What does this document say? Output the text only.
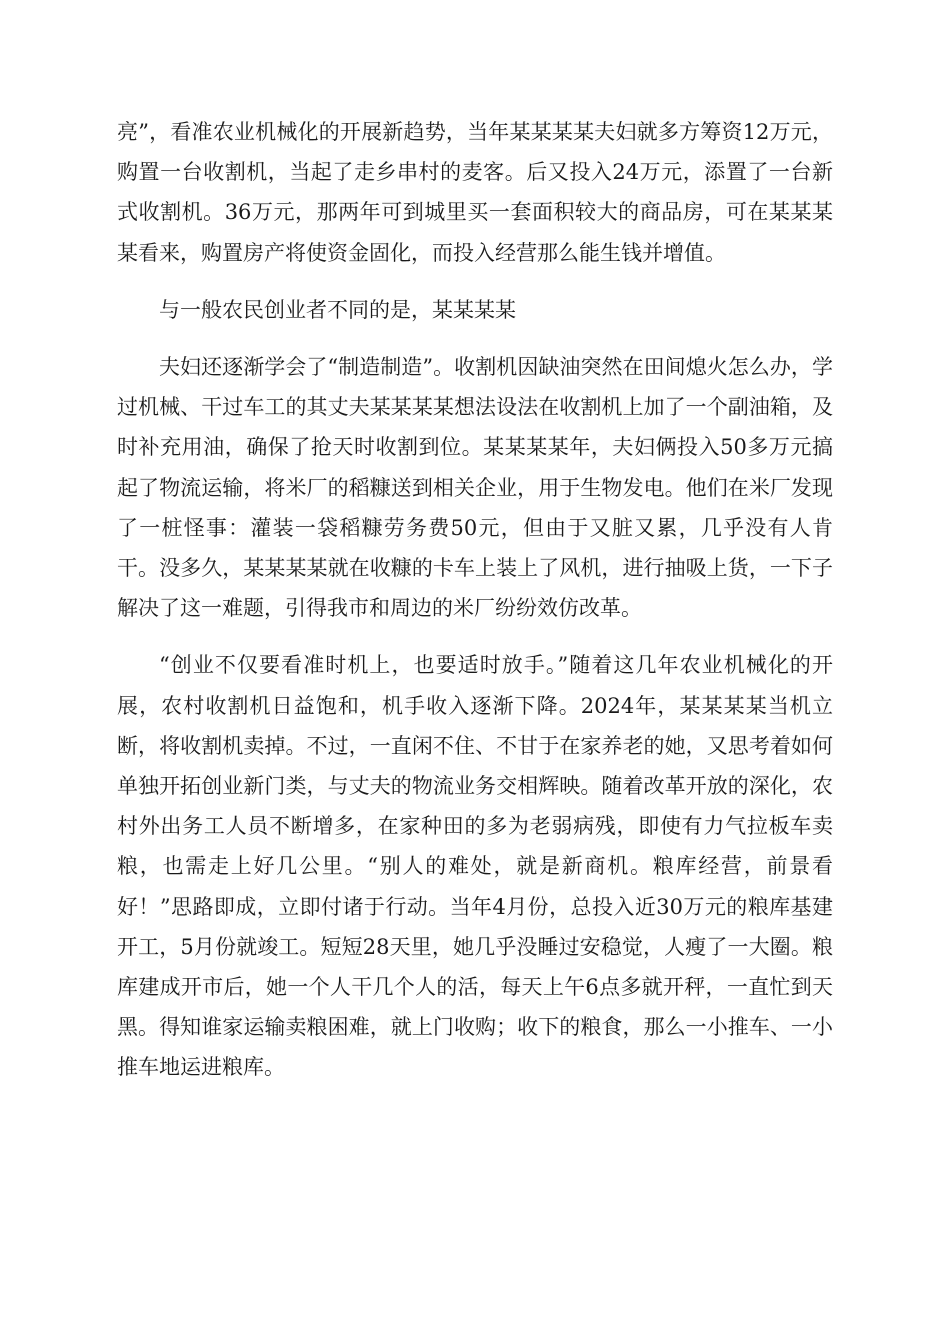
亮”，看准农业机械化的开展新趋势，当年某某某某夫妇就多方筹资12万元，购置一台收割机，当起了走乡串村的麦客。后又投入24万元，添置了一台新式收割机。36万元，那两年可到城里买一套面积较大的商品房，可在某某某某看来，购置房产将使资金固化，而投入经营那么能生钱并增值。

与一般农民创业者不同的是，某某某某

夫妇还逐渐学会了“制造制造”。收割机因缺油突然在田间熄火怎么办，学过机械、干过车工的其丈夫某某某某想法设法在收割机上加了一个副油箱，及时补充用油，确保了抢天时收割到位。某某某某年，夫妇俩投入50多万元搞起了物流运输，将米厂的稻糠送到相关企业，用于生物发电。他们在米厂发现了一桩怪事：灌装一袋稻糠劳务费50元，但由于又脏又累，几乎没有人肯干。没多久，某某某某就在收糠的卡车上装上了风机，进行抽吸上货，一下子解决了这一难题，引得我市和周边的米厂纷纷效仿改革。

“创业不仅要看准时机上，也要适时放手。”随着这几年农业机械化的开展，农村收割机日益饱和，机手收入逐渐下降。2024年，某某某某当机立断，将收割机卖掉。不过，一直闲不住、不甘于在家养老的她，又思考着如何单独开拓创业新门类，与丈夫的物流业务交相辉映。随着改革开放的深化，农村外出务工人员不断增多，在家种田的多为老弱病残，即使有力气拉板车卖粮，也需走上好几公里。“别人的难处，就是新商机。粮库经营，前景看好！”思路即成，立即付诸于行动。当年4月份，总投入近30万元的粮库基建开工，5月份就竣工。短短28天里，她几乎没睡过安稳觉，人瘦了一大圈。粮库建成开市后，她一个人干几个人的活，每天上午6点多就开秤，一直忙到天黑。得知谁家运输卖粮困难，就上门收购；收下的粮食，那么一小推车、一小推车地运进粮库。
